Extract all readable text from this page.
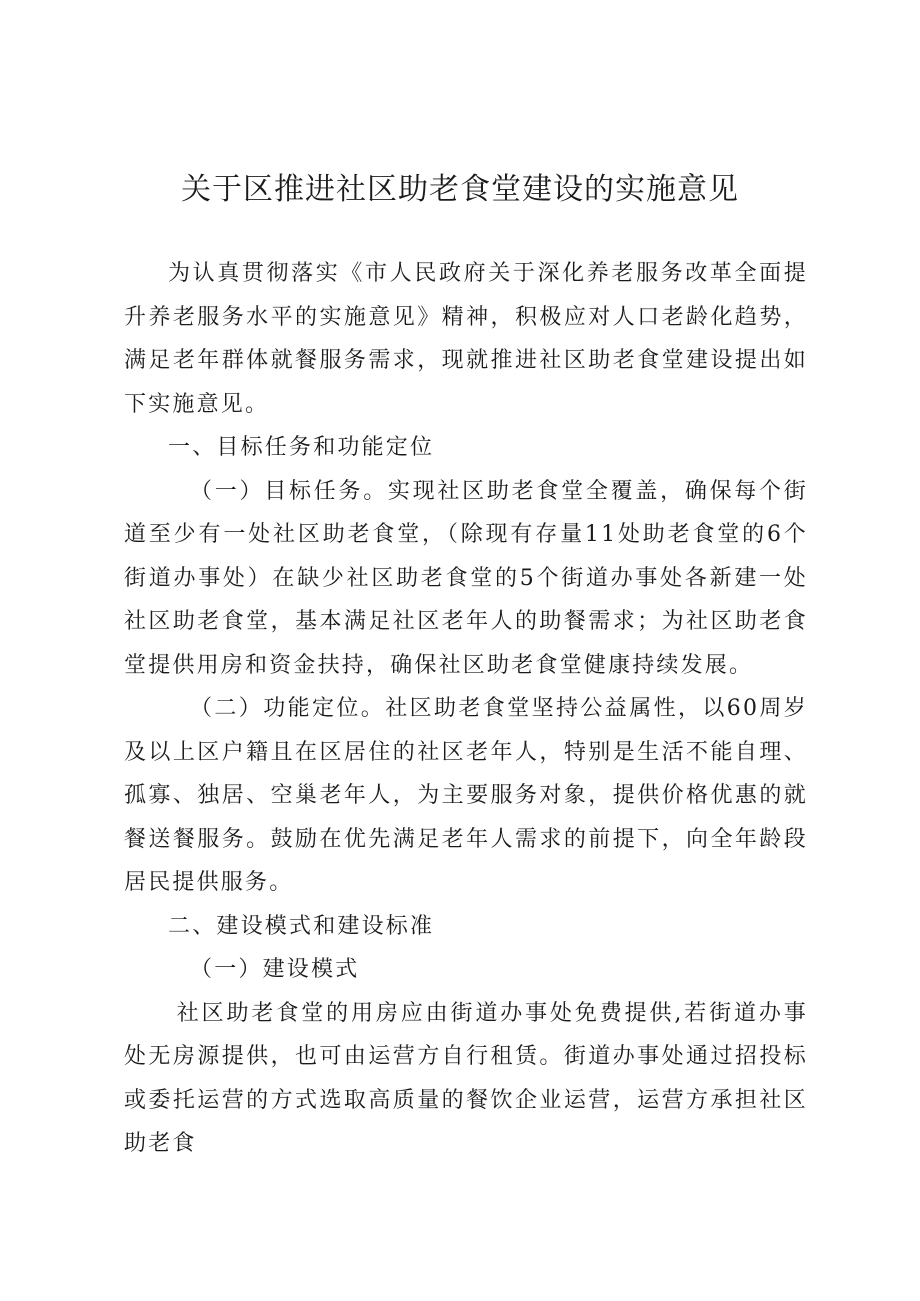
关于区推进社区助老食堂建设的实施意见

为认真贯彻落实《市人民政府关于深化养老服务改革全面提升养老服务水平的实施意见》精神，积极应对人口老龄化趋势，满足老年群体就餐服务需求，现就推进社区助老食堂建设提出如下实施意见。

一、目标任务和功能定位

（一）目标任务。实现社区助老食堂全覆盖，确保每个街道至少有一处社区助老食堂，（除现有存量11处助老食堂的6个街道办事处）在缺少社区助老食堂的5个街道办事处各新建一处社区助老食堂，基本满足社区老年人的助餐需求；为社区助老食堂提供用房和资金扶持，确保社区助老食堂健康持续发展。

（二）功能定位。社区助老食堂坚持公益属性，以60周岁及以上区户籍且在区居住的社区老年人，特别是生活不能自理、孤寡、独居、空巢老年人，为主要服务对象，提供价格优惠的就餐送餐服务。鼓励在优先满足老年人需求的前提下，向全年龄段居民提供服务。

二、建设模式和建设标准

（一）建设模式

社区助老食堂的用房应由街道办事处免费提供,若街道办事处无房源提供，也可由运营方自行租赁。街道办事处通过招投标或委托运营的方式选取高质量的餐饮企业运营，运营方承担社区助老食
